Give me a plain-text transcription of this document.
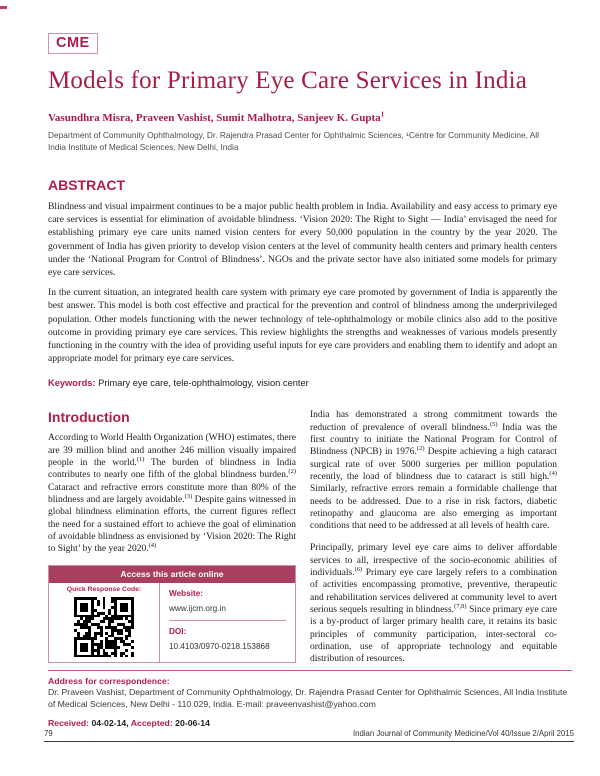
CME
Models for Primary Eye Care Services in India
Vasundhra Misra, Praveen Vashist, Sumit Malhotra, Sanjeev K. Gupta$^1$
Department of Community Ophthalmology, Dr. Rajendra Prasad Center for Ophthalmic Sciences, ¹Centre for Community Medicine, All India Institute of Medical Sciences, New Delhi, India
ABSTRACT

Blindness and visual impairment continues to be a major public health problem in India. Availability and easy access to primary eye care services is essential for elimination of avoidable blindness. ‘Vision 2020: The Right to Sight — India’ envisaged the need for establishing primary eye care units named vision centers for every 50,000 population in the country by the year 2020. The government of India has given priority to develop vision centers at the level of community health centers and primary health centers under the ‘National Program for Control of Blindness’. NGOs and the private sector have also initiated some models for primary eye care services.

In the current situation, an integrated health care system with primary eye care promoted by government of India is apparently the best answer. This model is both cost effective and practical for the prevention and control of blindness among the underprivileged population. Other models functioning with the newer technology of tele-ophthalmology or mobile clinics also add to the positive outcome in providing primary eye care services. This review highlights the strengths and weaknesses of various models presently functioning in the country with the idea of providing useful inputs for eye care providers and enabling them to identify and adopt an appropriate model for primary eye care services.

Keywords: Primary eye care, tele-ophthalmology, vision center
Introduction

According to World Health Organization (WHO) estimates, there are 39 million blind and another 246 million visually impaired people in the world.$^{(1)}$ The burden of blindness in India contributes to nearly one fifth of the global blindness burden.$^{(2)}$ Cataract and refractive errors constitute more than 80% of the blindness and are largely avoidable.$^{(3)}$ Despite gains witnessed in global blindness elimination efforts, the current figures reflect the need for a sustained effort to achieve the goal of elimination of avoidable blindness as envisioned by ‘Vision 2020: The Right to Sight’ by the year 2020.$^{(4)}$

Access this article online
Quick Response Code:	Website:
www.ijcm.org.in
DOI:
10.4103/0970-0218.153868

India has demonstrated a strong commitment towards the reduction of prevalence of overall blindness.$^{(5)}$ India was the first country to initiate the National Program for Control of Blindness (NPCB) in 1976.$^{(2)}$ Despite achieving a high cataract surgical rate of over 5000 surgeries per million population recently, the load of blindness due to cataract is still high.$^{(4)}$ Similarly, refractive errors remain a formidable challenge that needs to be addressed. Due to a rise in risk factors, diabetic retinopathy and glaucoma are also emerging as important conditions that need to be addressed at all levels of health care.

Principally, primary level eye care aims to deliver affordable services to all, irrespective of the socio-economic abilities of individuals.$^{(6)}$ Primary eye care largely refers to a combination of activities encompassing promotive, preventive, therapeutic and rehabilitation services delivered at community level to avert serious sequels resulting in blindness.$^{(7,8)}$ Since primary eye care is a by-product of larger primary health care, it retains its basic principles of community participation, inter-sectoral co-ordination, use of appropriate technology and equitable distribution of resources.

Address for correspondence:
Dr. Praveen Vashist, Department of Community Ophthalmology, Dr. Rajendra Prasad Center for Ophthalmic Sciences, All India Institute of Medical Sciences, New Delhi - 110 029, India. E-mail: praveenvashist@yahoo.com
Received: 04-02-14, Accepted: 20-06-14
79	Indian Journal of Community Medicine/Vol 40/Issue 2/April 2015
